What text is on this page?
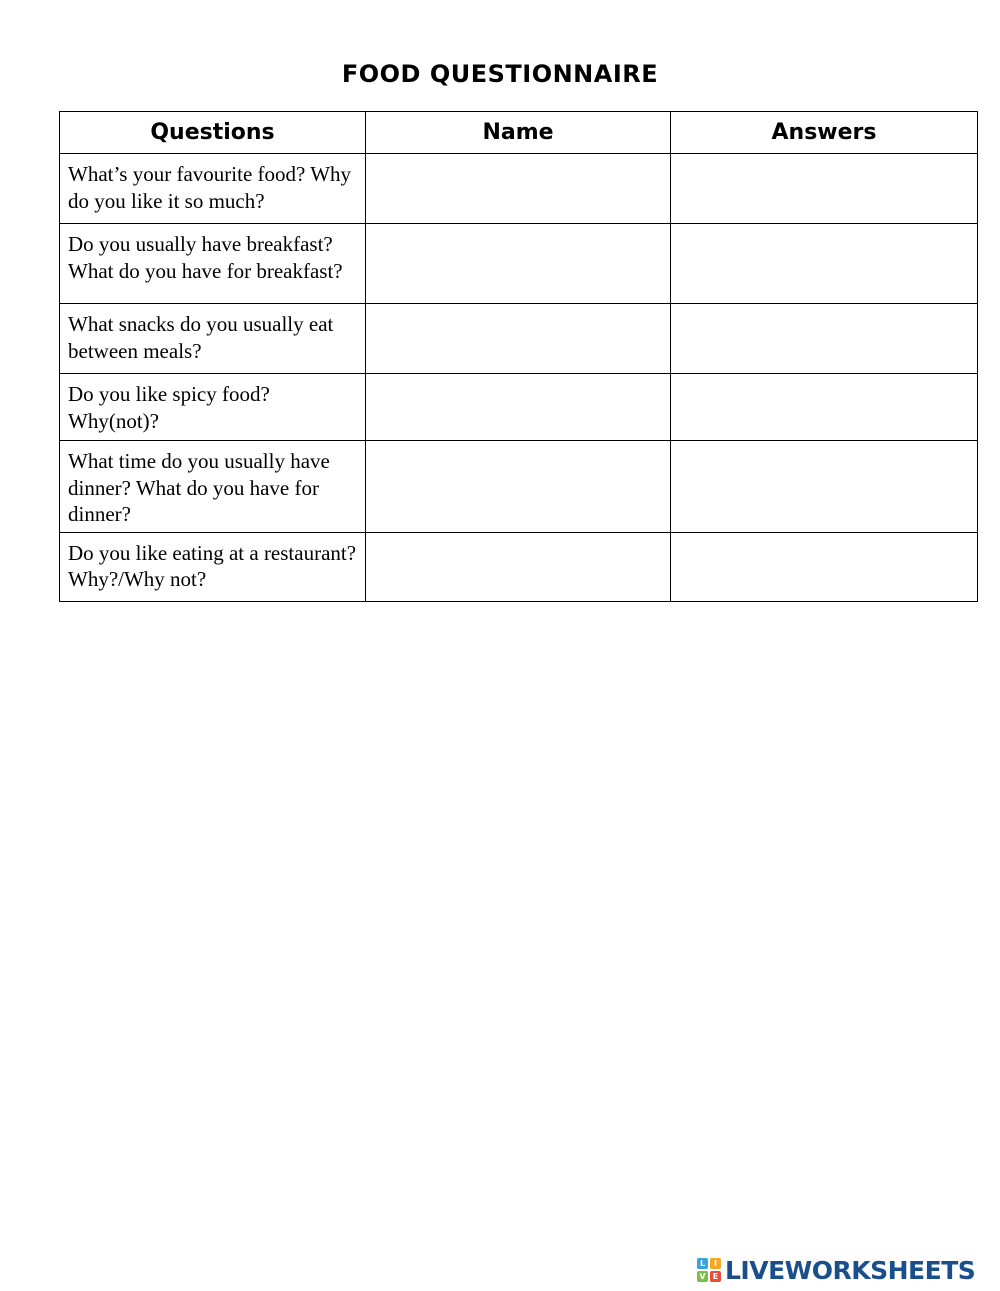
FOOD QUESTIONNAIRE
Questions	Name	Answers
What’s your favourite food? Why do you like it so much?	

Do you usually have breakfast? What do you have for breakfast?	

What snacks do you usually eat between meals?	

Do you like spicy food? Why(not)?	

What time do you usually have dinner? What do you have for dinner?	

Do you like eating at a restaurant? Why?/Why not?	

L	I
V E LIVEWORKSHEETS
